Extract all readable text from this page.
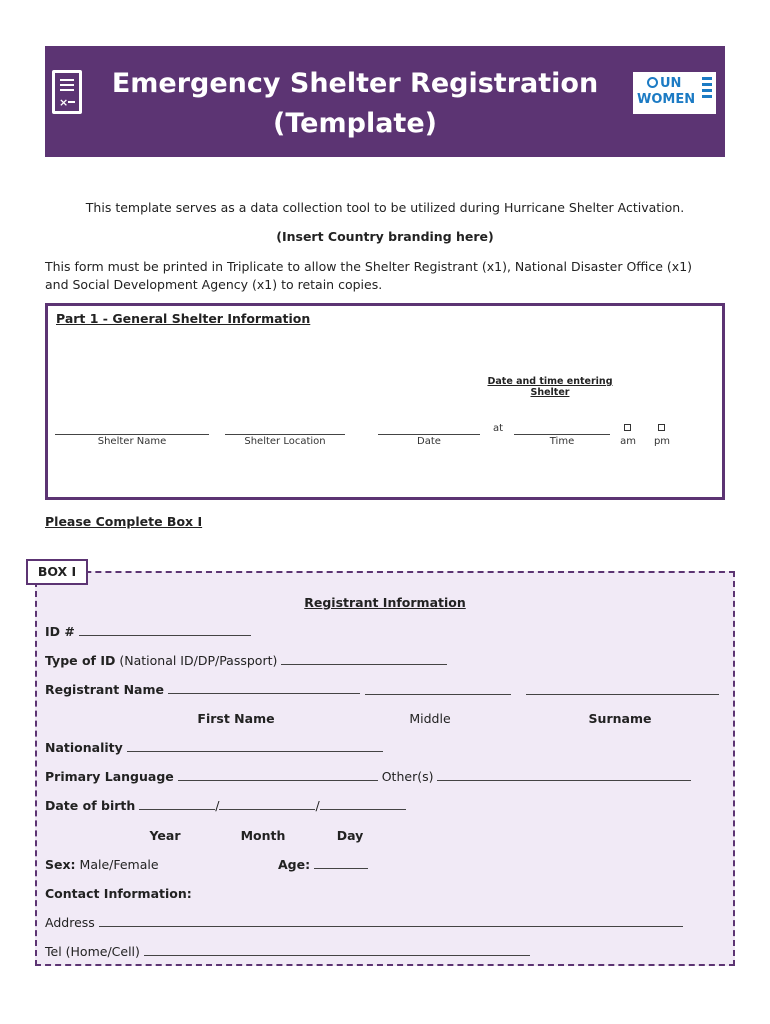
×
Emergency Shelter Registration
(Template)
UN
WOMEN
This template serves as a data collection tool to be utilized during Hurricane Shelter Activation.
(Insert Country branding here)
This form must be printed in Triplicate to allow the Shelter Registrant (x1), National Disaster Office (x1)
and Social Development Agency (x1) to retain copies.
Part 1 - General Shelter Information
Date and time entering Shelter
Shelter Name	Shelter Location	Date
at
Time	am	pm
Please Complete Box I
BOX I
Registrant Information
ID #
Type of ID (National ID/DP/Passport)
Registrant Name
First Name	Middle	Surname
Nationality
Primary Language	Other(s)
Date of birth	/	/
Year	Month	Day
Sex: Male/Female	Age:
Contact Information:
Address
Tel (Home/Cell)
